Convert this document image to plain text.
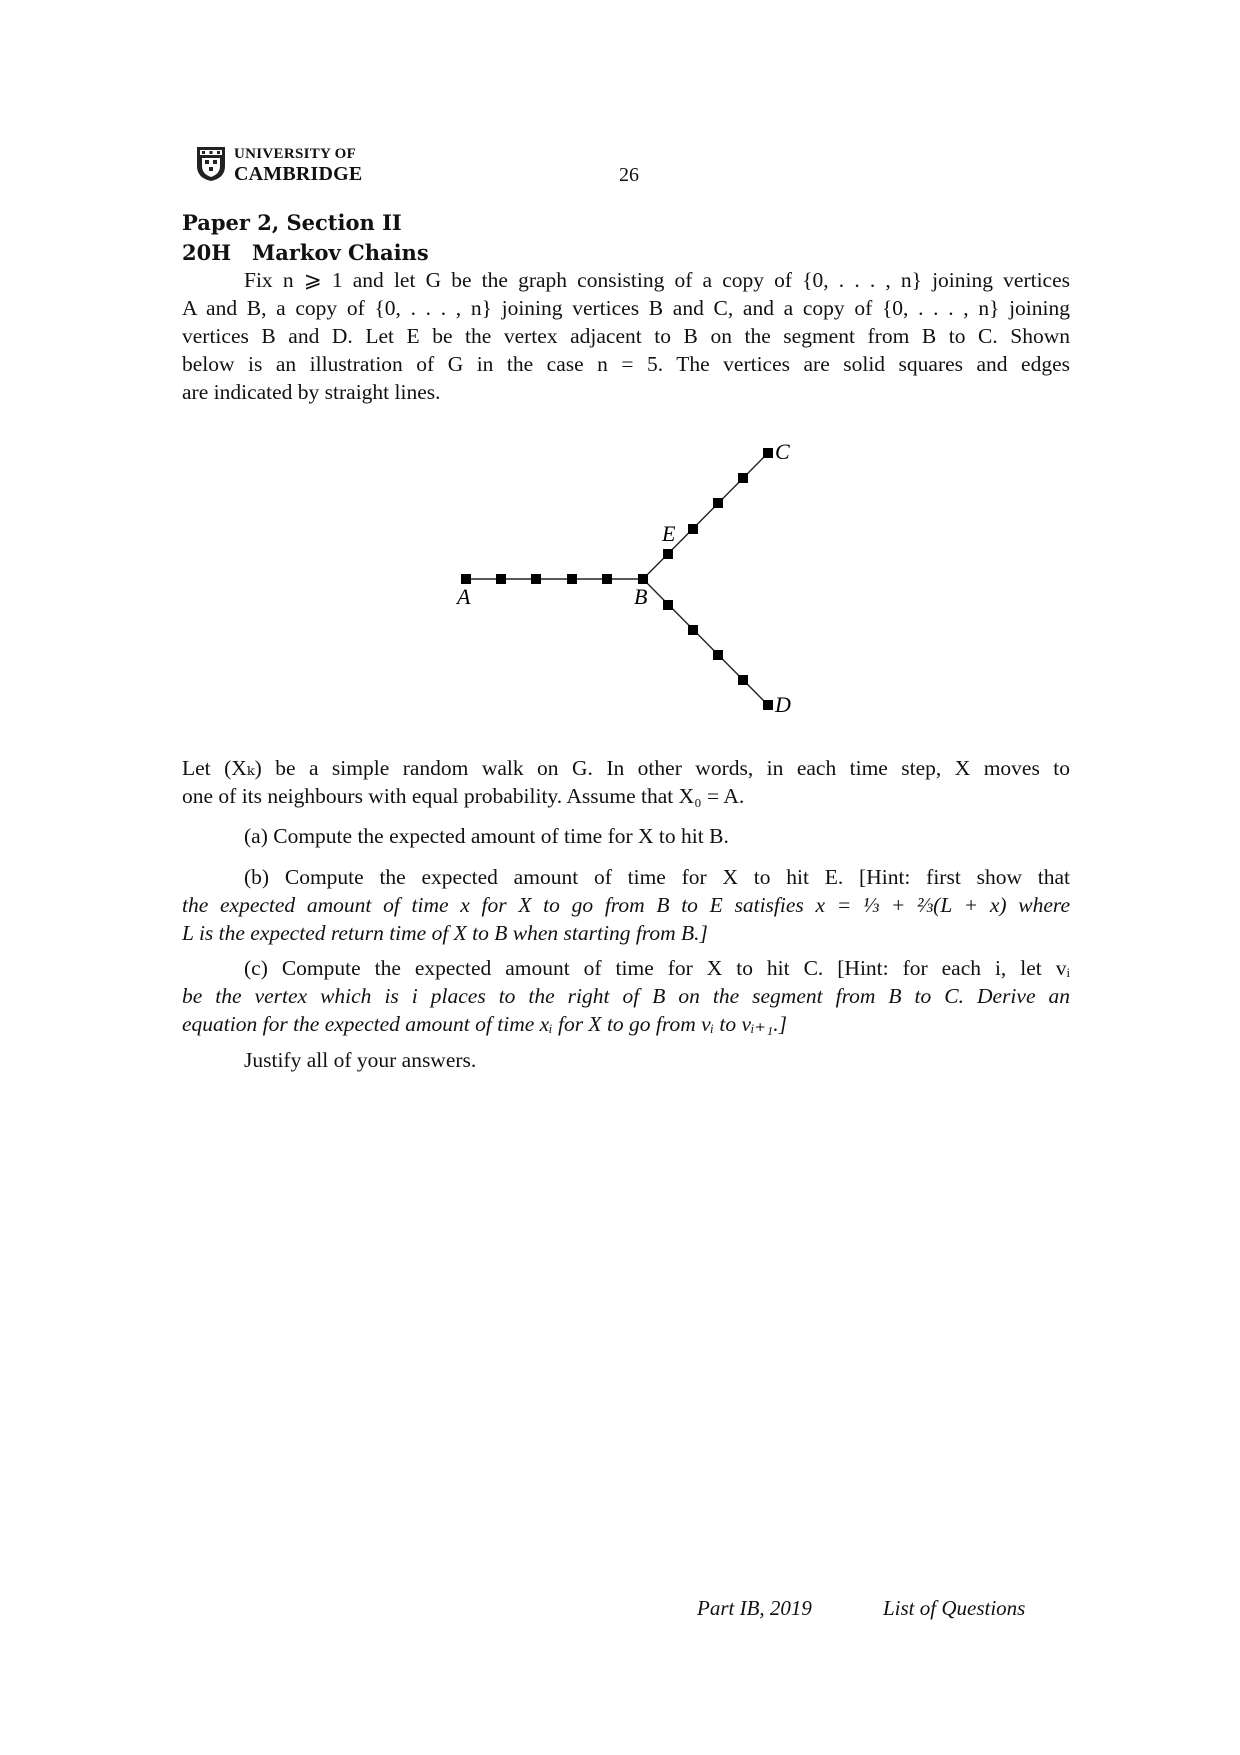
UNIVERSITY OF
CAMBRIDGE	26
Paper 2, Section II
20H Markov Chains
Fix n ⩾ 1 and let G be the graph consisting of a copy of {0, . . . , n} joining vertices
A and B, a copy of {0, . . . , n} joining vertices B and C, and a copy of {0, . . . , n} joining
vertices B and D. Let E be the vertex adjacent to B on the segment from B to C. Shown
below is an illustration of G in the case n = 5. The vertices are solid squares and edges
are indicated by straight lines.
A	B
C
D
E
Let (Xₖ) be a simple random walk on G. In other words, in each time step, X moves to
one of its neighbours with equal probability. Assume that X₀ = A.
(a) Compute the expected amount of time for X to hit B.
(b) Compute the expected amount of time for X to hit E. [Hint: first show that
the expected amount of time x for X to go from B to E satisfies x = ⅓ + ⅔(L + x) where
L is the expected return time of X to B when starting from B.]
(c) Compute the expected amount of time for X to hit C. [Hint: for each i, let vᵢ
be the vertex which is i places to the right of B on the segment from B to C. Derive an
equation for the expected amount of time xᵢ for X to go from vᵢ to vᵢ₊₁.]
Justify all of your answers.
Part IB, 2019	List of Questions
